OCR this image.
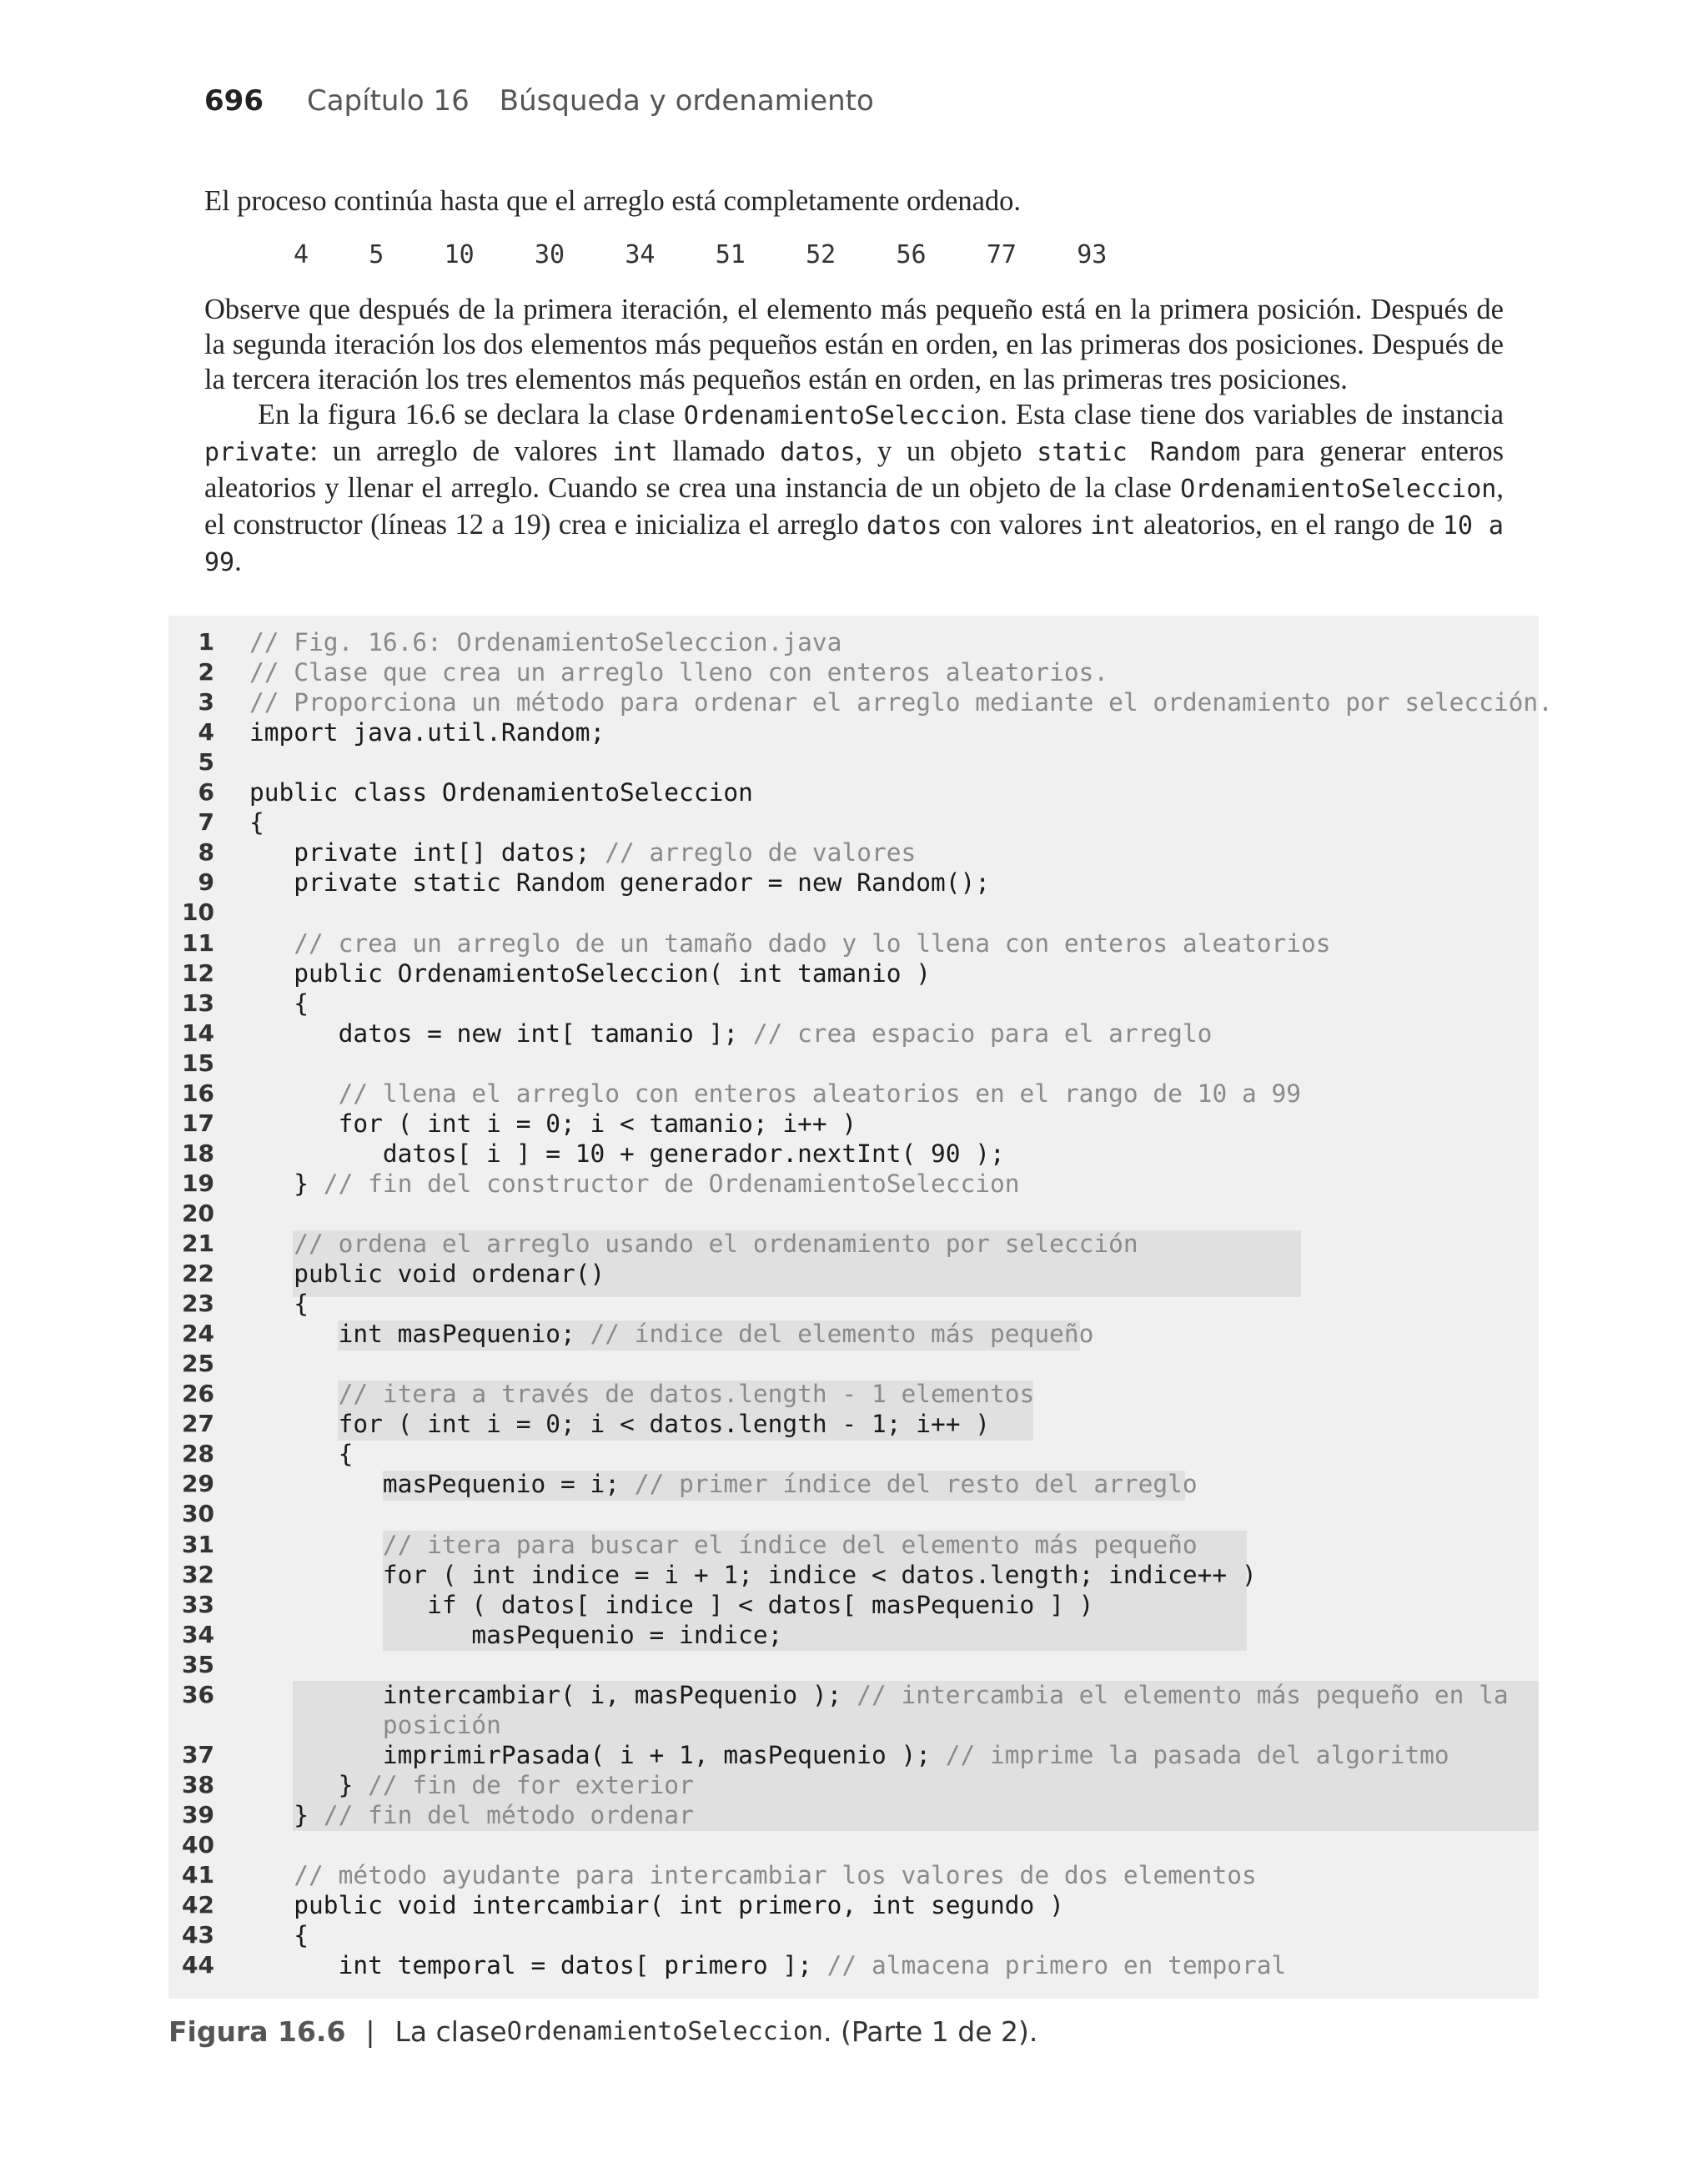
696 Capítulo 16 Búsqueda y ordenamiento

El proceso continúa hasta que el arreglo está completamente ordenado.

4    5    10    30    34    51    52    56    77    93

Observe que después de la primera iteración, el elemento más pequeño está en la primera posición. Después de la segunda iteración los dos elementos más pequeños están en orden, en las primeras dos posiciones. Después de la tercera iteración los tres elementos más pequeños están en orden, en las primeras tres posiciones.

En la figura 16.6 se declara la clase OrdenamientoSeleccion. Esta clase tiene dos variables de instancia private: un arreglo de valores int llamado datos, y un objeto static Random para generar enteros aleatorios y llenar el arreglo. Cuando se crea una instancia de un objeto de la clase OrdenamientoSeleccion, el constructor (líneas 12 a 19) crea e inicializa el arreglo datos con valores int aleatorios, en el rango de 10 a 99.

1 // Fig. 16.6: OrdenamientoSeleccion.java
2 // Clase que crea un arreglo lleno con enteros aleatorios.
3 // Proporciona un método para ordenar el arreglo mediante el ordenamiento por selección.
4 import java.util.Random;
5
6 public class OrdenamientoSeleccion
7 {
8 private int[] datos; // arreglo de valores
9 private static Random generador = new Random();
10
11	// crea un arreglo de un tamaño dado y lo llena con enteros aleatorios
12 public OrdenamientoSeleccion( int tamanio )
13 {
14 datos = new int[ tamanio ]; // crea espacio para el arreglo
15
16	// llena el arreglo con enteros aleatorios en el rango de 10 a 99
17 for ( int i = 0; i < tamanio; i++ )
18 datos[ i ] = 10 + generador.nextInt( 90 );
19 } // fin del constructor de OrdenamientoSeleccion
20
21	// ordena el arreglo usando el ordenamiento por selección
22 public void ordenar()
23 {
24 int masPequenio; // índice del elemento más pequeño
25
26	// itera a través de datos.length - 1 elementos
27 for ( int i = 0; i < datos.length - 1; i++ )
28 {
29 masPequenio = i; // primer índice del resto del arreglo
30
31	// itera para buscar el índice del elemento más pequeño
32 for ( int indice = i + 1; indice < datos.length; indice++ )
33 if ( datos[ indice ] < datos[ masPequenio ] )
34 masPequenio = indice;
35
36 intercambiar( i, masPequenio ); // intercambia el elemento más pequeño en la
posición
37 imprimirPasada( i + 1, masPequenio ); // imprime la pasada del algoritmo
38 } // fin de for exterior
39 } // fin del método ordenar
40
41	// método ayudante para intercambiar los valores de dos elementos
42 public void intercambiar( int primero, int segundo )
43 {
44 int temporal = datos[ primero ]; // almacena primero en temporal
Figura 16.6 | La clase OrdenamientoSeleccion . (Parte 1 de 2).
